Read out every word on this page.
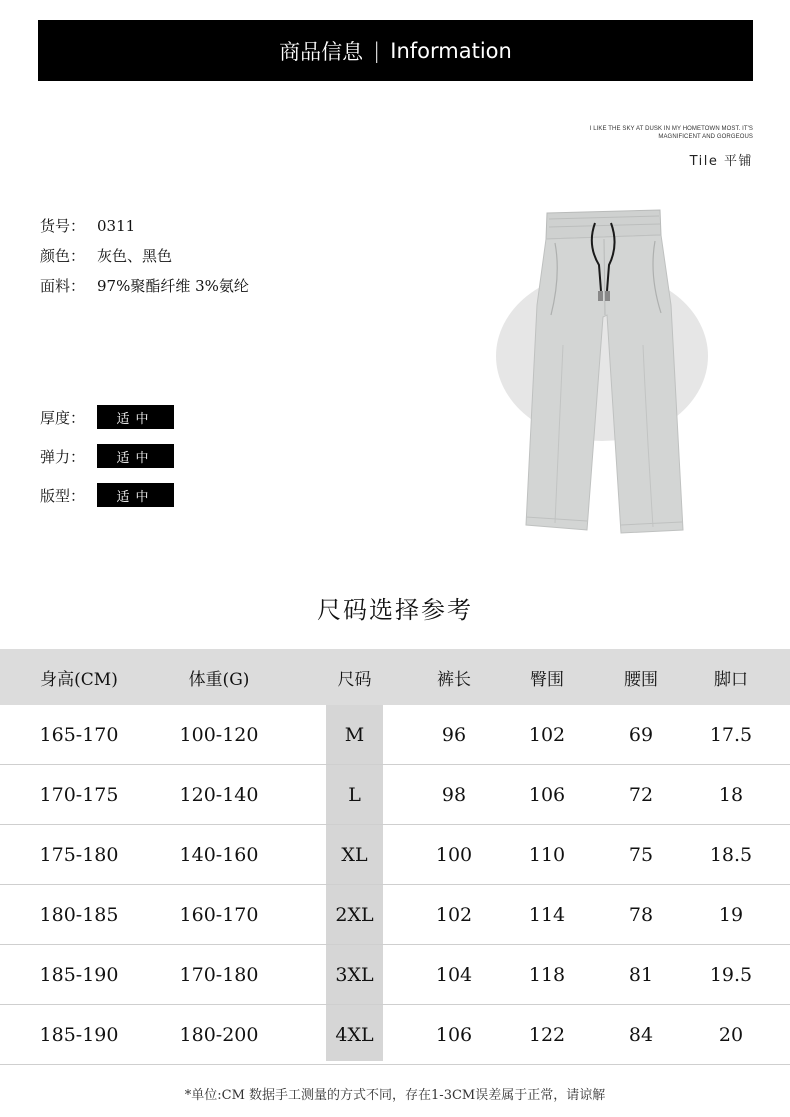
商品信息 | Information
I LIKE THE SKY AT DUSK IN MY HOMETOWN MOST. IT'S MAGNIFICENT AND GORGEOUS
Tile 平铺
货号： 0311
颜色： 灰色、黑色
面料： 97%聚酯纤维 3%氨纶
厚度：	适中
弹力：	适中
版型：	适中
尺码选择参考
身高(CM)	体重(G)	尺码	裤长	臀围	腰围	脚口
165-170	100-120	M	96	102	69	17.5
170-175	120-140	L	98	106	72	18
175-180	140-160	XL	100	110	75	18.5
180-185	160-170	2XL	102	114	78	19
185-190	170-180	3XL	104	118	81	19.5
185-190	180-200	4XL	106	122	84	20
*单位:CM 数据手工测量的方式不同，存在1-3CM误差属于正常，请谅解
